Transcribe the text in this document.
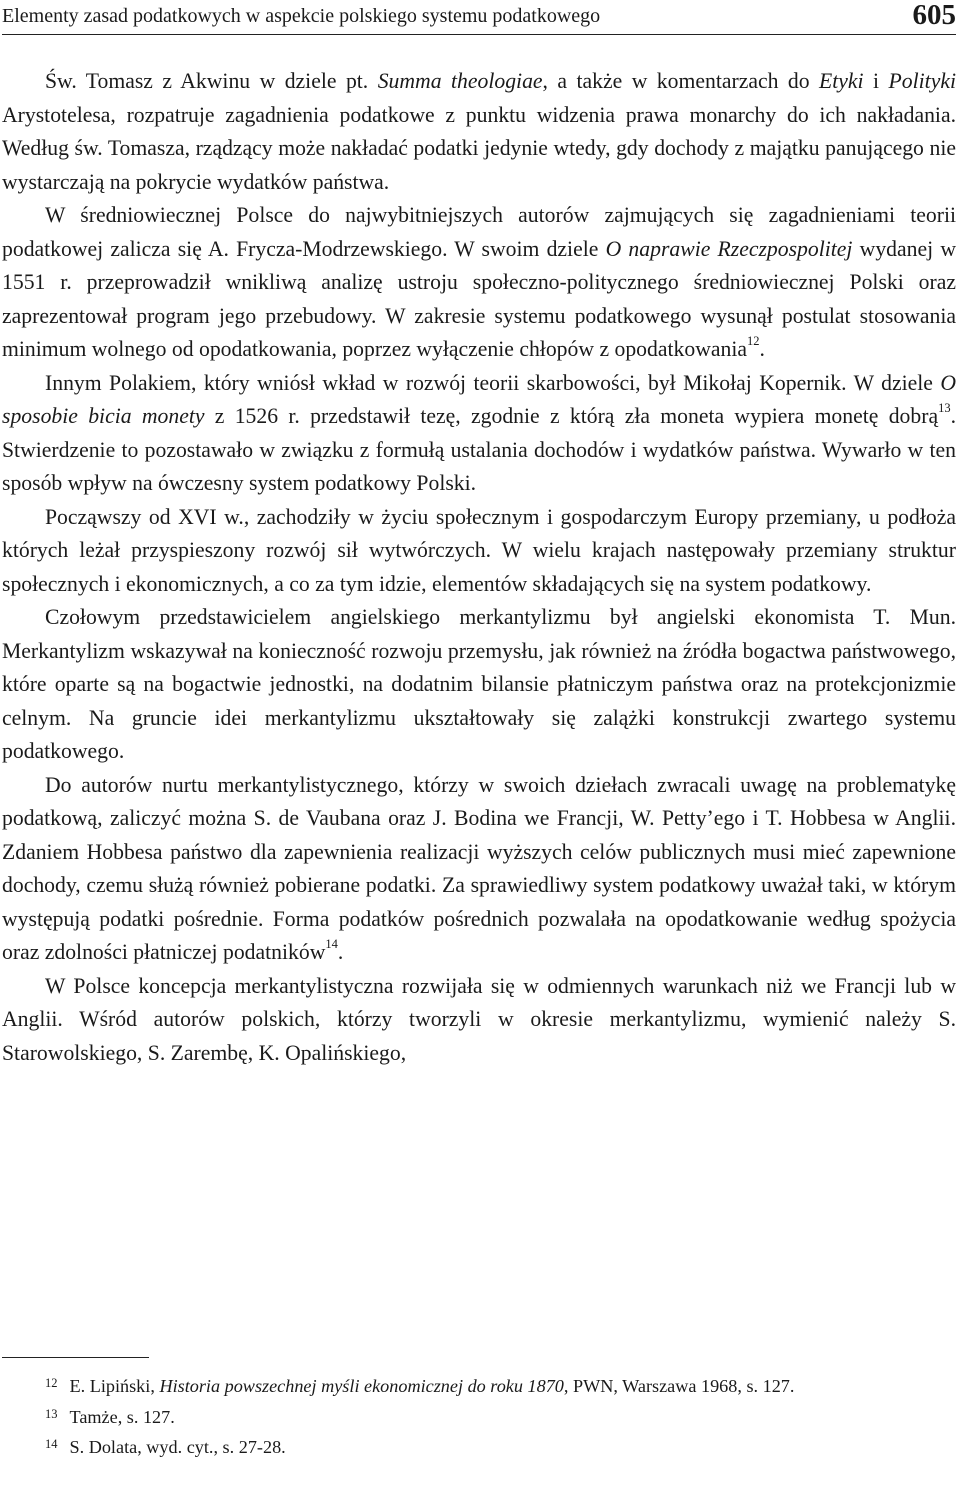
Elementy zasad podatkowych w aspekcie polskiego systemu podatkowego	605

Św. Tomasz z Akwinu w dziele pt. Summa theologiae, a także w komentarzach do Etyki i Polityki Arystotelesa, rozpatruje zagadnienia podatkowe z punktu widzenia prawa monarchy do ich nakładania. Według św. Tomasza, rządzący może nakładać podatki jedynie wtedy, gdy dochody z majątku panującego nie wystarczają na pokrycie wydatków państwa.

W średniowiecznej Polsce do najwybitniejszych autorów zajmujących się zagadnieniami teorii podatkowej zalicza się A. Frycza-Modrzewskiego. W swoim dziele O naprawie Rzeczpospolitej wydanej w 1551 r. przeprowadził wnikliwą analizę ustroju społeczno-politycznego średniowiecznej Polski oraz zaprezentował program jego przebudowy. W zakresie systemu podatkowego wysunął postulat stosowania minimum wolnego od opodatkowania, poprzez wyłączenie chłopów z opodatkowania$^{12}$.

Innym Polakiem, który wniósł wkład w rozwój teorii skarbowości, był Mikołaj Kopernik. W dziele O sposobie bicia monety z 1526 r. przedstawił tezę, zgodnie z którą zła moneta wypiera monetę dobrą$^{13}$. Stwierdzenie to pozostawało w związku z formułą ustalania dochodów i wydatków państwa. Wywarło w ten sposób wpływ na ówczesny system podatkowy Polski.

Począwszy od XVI w., zachodziły w życiu społecznym i gospodarczym Europy przemiany, u podłoża których leżał przyspieszony rozwój sił wytwórczych. W wielu krajach następowały przemiany struktur społecznych i ekonomicznych, a co za tym idzie, elementów składających się na system podatkowy.

Czołowym przedstawicielem angielskiego merkantylizmu był angielski ekonomista T. Mun. Merkantylizm wskazywał na konieczność rozwoju przemysłu, jak również na źródła bogactwa państwowego, które oparte są na bogactwie jednostki, na dodatnim bilansie płatniczym państwa oraz na protekcjonizmie celnym. Na gruncie idei merkantylizmu ukształtowały się zalążki konstrukcji zwartego systemu podatkowego.

Do autorów nurtu merkantylistycznego, którzy w swoich dziełach zwracali uwagę na problematykę podatkową, zaliczyć można S. de Vaubana oraz J. Bodina we Francji, W. Petty’ego i T. Hobbesa w Anglii. Zdaniem Hobbesa państwo dla zapewnienia realizacji wyższych celów publicznych musi mieć zapewnione dochody, czemu służą również pobierane podatki. Za sprawiedliwy system podatkowy uważał taki, w którym występują podatki pośrednie. Forma podatków pośrednich pozwalała na opodatkowanie według spożycia oraz zdolności płatniczej podatników$^{14}$.

W Polsce koncepcja merkantylistyczna rozwijała się w odmiennych warunkach niż we Francji lub w Anglii. Wśród autorów polskich, którzy tworzyli w okresie merkantylizmu, wymienić należy S. Starowolskiego, S. Zarembę, K. Opalińskiego,

$^{12}$ E. Lipiński, Historia powszechnej myśli ekonomicznej do roku 1870, PWN, Warszawa 1968, s. 127.

$^{13}$ Tamże, s. 127.

$^{14}$ S. Dolata, wyd. cyt., s. 27-28.
